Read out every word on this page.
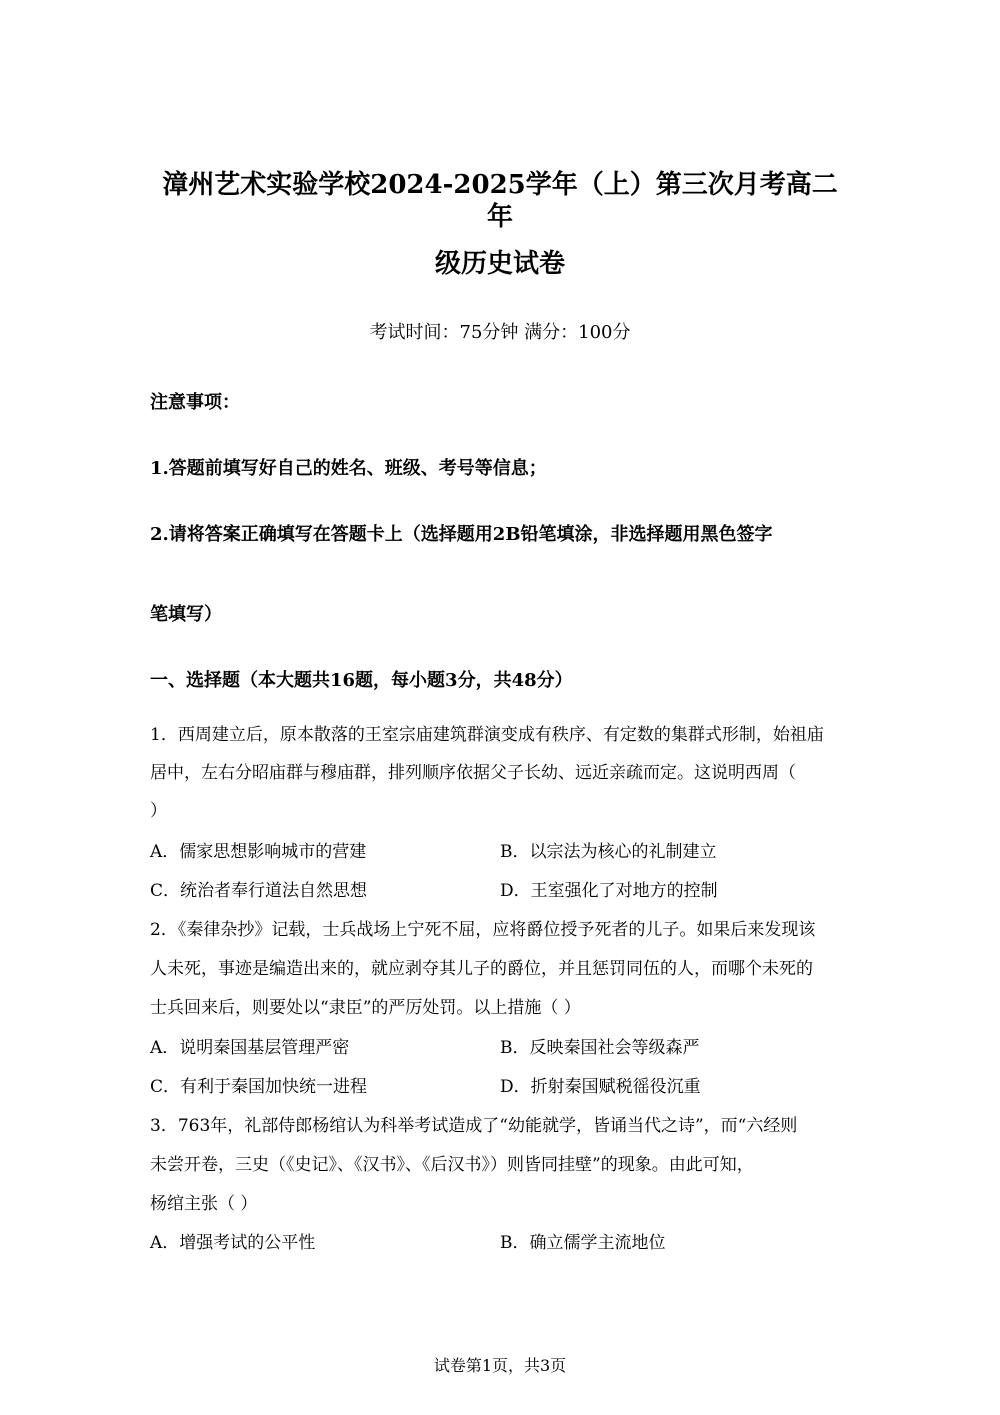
漳州艺术实验学校2024-2025学年（上）第三次月考高二年
级历史试卷
考试时间：75分钟 满分：100分
注意事项：
1.答题前填写好自己的姓名、班级、考号等信息；
2.请将答案正确填写在答题卡上（选择题用2B铅笔填涂，非选择题用黑色签字
笔填写）
一、选择题（本大题共16题，每小题3分，共48分）
1．西周建立后，原本散落的王室宗庙建筑群演变成有秩序、有定数的集群式形制，始祖庙
居中，左右分昭庙群与穆庙群，排列顺序依据父子长幼、远近亲疏而定。这说明西周（
）
A．儒家思想影响城市的营建	B．以宗法为核心的礼制建立
C．统治者奉行道法自然思想	D．王室强化了对地方的控制
2．《秦律杂抄》记载，士兵战场上宁死不屈，应将爵位授予死者的儿子。如果后来发现该
人未死，事迹是编造出来的，就应剥夺其儿子的爵位，并且惩罚同伍的人，而哪个未死的
士兵回来后，则要处以“隶臣”的严厉处罚。以上措施（ ）
A．说明秦国基层管理严密	B．反映秦国社会等级森严
C．有利于秦国加快统一进程	D．折射秦国赋税徭役沉重
3．763年，礼部侍郎杨绾认为科举考试造成了“幼能就学，皆诵当代之诗”，而“六经则
未尝开卷，三史（《史记》、《汉书》、《后汉书》）则皆同挂壁”的现象。由此可知，
杨绾主张（ ）
A．增强考试的公平性	B．确立儒学主流地位
试卷第1页，共3页
